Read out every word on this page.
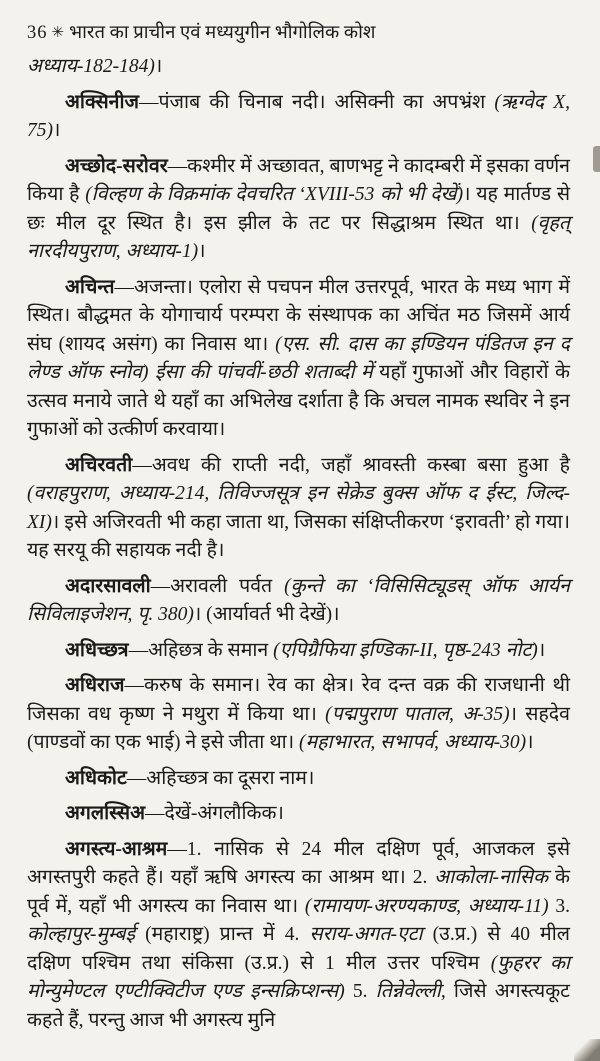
36 ✳ भारत का प्राचीन एवं मध्ययुगीन भौगोलिक कोश

अध्याय-182-184)।

अक्सिनीज—पंजाब की चिनाब नदी। असिक्नी का अपभ्रंश (ऋग्वेद X, 75)।

अच्छोद-सरोवर—कश्मीर में अच्छावत, बाणभट्ट ने कादम्बरी में इसका वर्णन किया है (विल्हण के विक्रमांक देवचरित ‘XVIII-53 को भी देखें)। यह मार्तण्ड से छः मील दूर स्थित है। इस झील के तट पर सिद्धाश्रम स्थित था। (वृहत् नारदीयपुराण, अध्याय-1)।

अचिन्त—अजन्ता। एलोरा से पचपन मील उत्तरपूर्व, भारत के मध्य भाग में स्थित। बौद्धमत के योगाचार्य परम्परा के संस्थापक का अचिंत मठ जिसमें आर्य संघ (शायद असंग) का निवास था। (एस. सी. दास का इण्डियन पंडितज इन द लेण्ड ऑफ स्नोव) ईसा की पांचवीं-छठी शताब्दी में यहाँ गुफाओं और विहारों के उत्सव मनाये जाते थे यहाँ का अभिलेख दर्शाता है कि अचल नामक स्थविर ने इन गुफाओं को उत्कीर्ण करवाया।

अचिरवती—अवध की राप्ती नदी, जहाँ श्रावस्ती कस्बा बसा हुआ है (वराहपुराण, अध्याय-214, तिविज्जसूत्र इन सेक्रेड बुक्स ऑफ द ईस्ट, जिल्द-XI)। इसे अजिरवती भी कहा जाता था, जिसका संक्षिप्तीकरण ‘इरावती’ हो गया। यह सरयू की सहायक नदी है।

अदारसावली—अरावली पर्वत (कुन्ते का ‘विसिसिट्यूडस् ऑफ आर्यन सिविलाइजेशन, पृ. 380)। (आर्यावर्त भी देखें)।

अधिच्छत्र—अहिछत्र के समान (एपिग्रैफिया इण्डिका-II, पृष्ठ-243 नोट)।

अधिराज—करुष के समान। रेव का क्षेत्र। रेव दन्त वक्र की राजधानी थी जिसका वध कृष्ण ने मथुरा में किया था। (पद्मपुराण पाताल, अ-35)। सहदेव (पाण्डवों का एक भाई) ने इसे जीता था। (महाभारत, सभापर्व, अध्याय-30)।

अधिकोट—अहिच्छत्र का दूसरा नाम।

अगलस्सिअ—देखें-अंगलौकिक।

अगस्त्य-आश्रम—1. नासिक से 24 मील दक्षिण पूर्व, आजकल इसे अगस्तपुरी कहते हैं। यहाँ ऋषि अगस्त्य का आश्रम था। 2. आकोला-नासिक के पूर्व में, यहाँ भी अगस्त्य का निवास था। (रामायण-अरण्यकाण्ड, अध्याय-11) 3. कोल्हापुर-मुम्बई (महाराष्ट्र) प्रान्त में 4. सराय-अगत-एटा (उ.प्र.) से 40 मील दक्षिण पश्चिम तथा संकिसा (उ.प्र.) से 1 मील उत्तर पश्चिम (फुहरर का मोन्युमेण्टल एण्टीक्विटीज एण्ड इन्सक्रिप्शन्स) 5. तिन्नेवेल्ली, जिसे अगस्त्यकूट कहते हैं, परन्तु आज भी अगस्त्य मुनि
